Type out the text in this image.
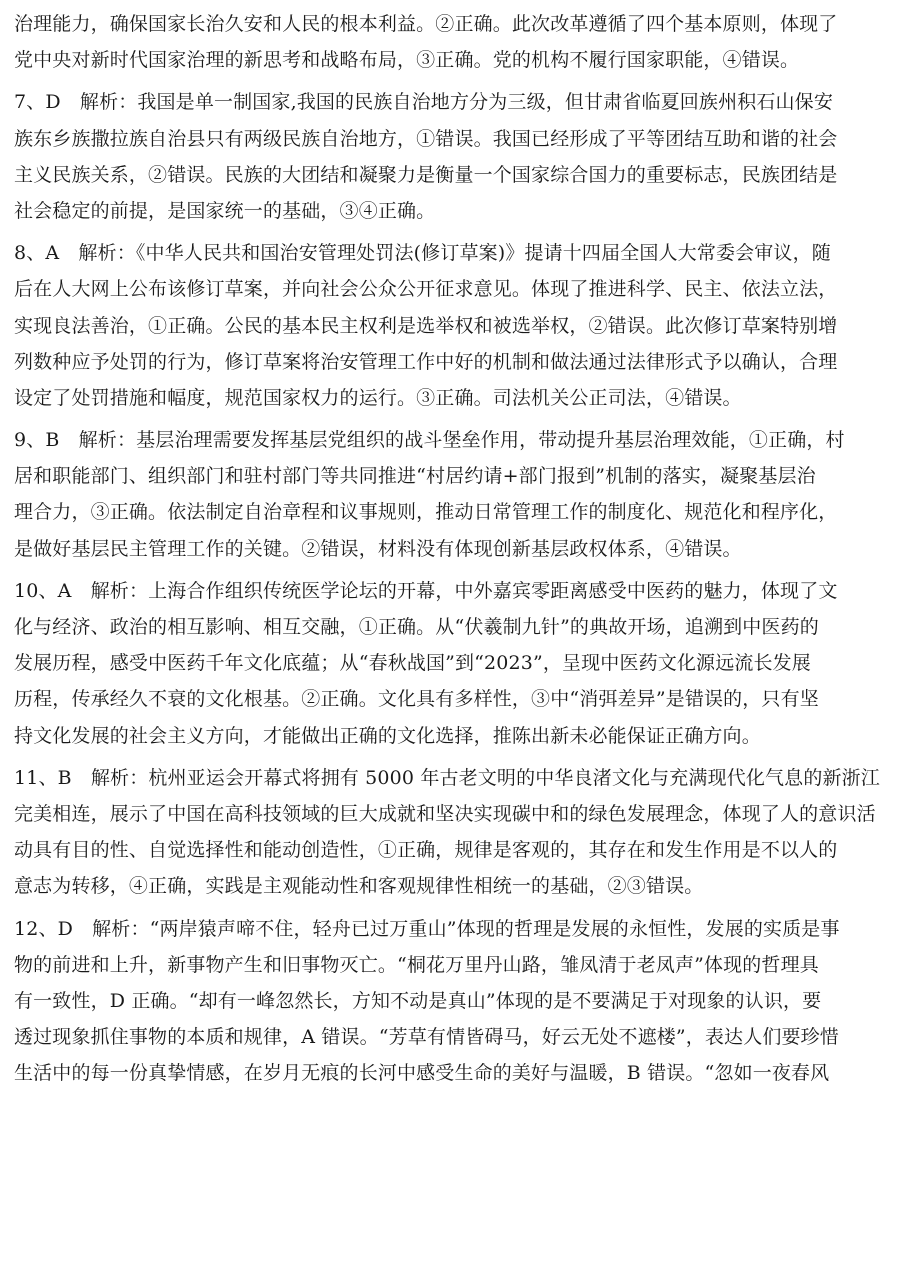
治理能力，确保国家长治久安和人民的根本利益。②正确。此次改革遵循了四个基本原则，体现了
党中央对新时代国家治理的新思考和战略布局，③正确。党的机构不履行国家职能，④错误。
7、D　解析：我国是单一制国家,我国的民族自治地方分为三级，但甘肃省临夏回族州积石山保安
族东乡族撒拉族自治县只有两级民族自治地方，①错误。我国已经形成了平等团结互助和谐的社会
主义民族关系，②错误。民族的大团结和凝聚力是衡量一个国家综合国力的重要标志，民族团结是
社会稳定的前提，是国家统一的基础，③④正确。
8、A　解析：《中华人民共和国治安管理处罚法(修订草案)》提请十四届全国人大常委会审议，随
后在人大网上公布该修订草案，并向社会公众公开征求意见。体现了推进科学、民主、依法立法，
实现良法善治，①正确。公民的基本民主权利是选举权和被选举权，②错误。此次修订草案特别增
列数种应予处罚的行为，修订草案将治安管理工作中好的机制和做法通过法律形式予以确认，合理
设定了处罚措施和幅度，规范国家权力的运行。③正确。司法机关公正司法，④错误。
9、B　解析：基层治理需要发挥基层党组织的战斗堡垒作用，带动提升基层治理效能，①正确，村
居和职能部门、组织部门和驻村部门等共同推进“村居约请+部门报到”机制的落实，凝聚基层治
理合力，③正确。依法制定自治章程和议事规则，推动日常管理工作的制度化、规范化和程序化，
是做好基层民主管理工作的关键。②错误，材料没有体现创新基层政权体系，④错误。
10、A　解析：上海合作组织传统医学论坛的开幕，中外嘉宾零距离感受中医药的魅力，体现了文
化与经济、政治的相互影响、相互交融，①正确。从“伏羲制九针”的典故开场，追溯到中医药的
发展历程，感受中医药千年文化底蕴；从“春秋战国”到“2023”，呈现中医药文化源远流长发展
历程，传承经久不衰的文化根基。②正确。文化具有多样性，③中“消弭差异”是错误的，只有坚
持文化发展的社会主义方向，才能做出正确的文化选择，推陈出新未必能保证正确方向。
11、B　解析：杭州亚运会开幕式将拥有 5000 年古老文明的中华良渚文化与充满现代化气息的新浙江
完美相连，展示了中国在高科技领域的巨大成就和坚决实现碳中和的绿色发展理念，体现了人的意识活
动具有目的性、自觉选择性和能动创造性，①正确，规律是客观的，其存在和发生作用是不以人的
意志为转移，④正确，实践是主观能动性和客观规律性相统一的基础，②③错误。
12、D　解析：“两岸猿声啼不住，轻舟已过万重山”体现的哲理是发展的永恒性，发展的实质是事
物的前进和上升，新事物产生和旧事物灭亡。“桐花万里丹山路，雏凤清于老凤声”体现的哲理具
有一致性，D 正确。“却有一峰忽然长，方知不动是真山”体现的是不要满足于对现象的认识，要
透过现象抓住事物的本质和规律，A 错误。“芳草有情皆碍马，好云无处不遮楼”，表达人们要珍惜
生活中的每一份真挚情感，在岁月无痕的长河中感受生命的美好与温暖，B 错误。“忽如一夜春风
